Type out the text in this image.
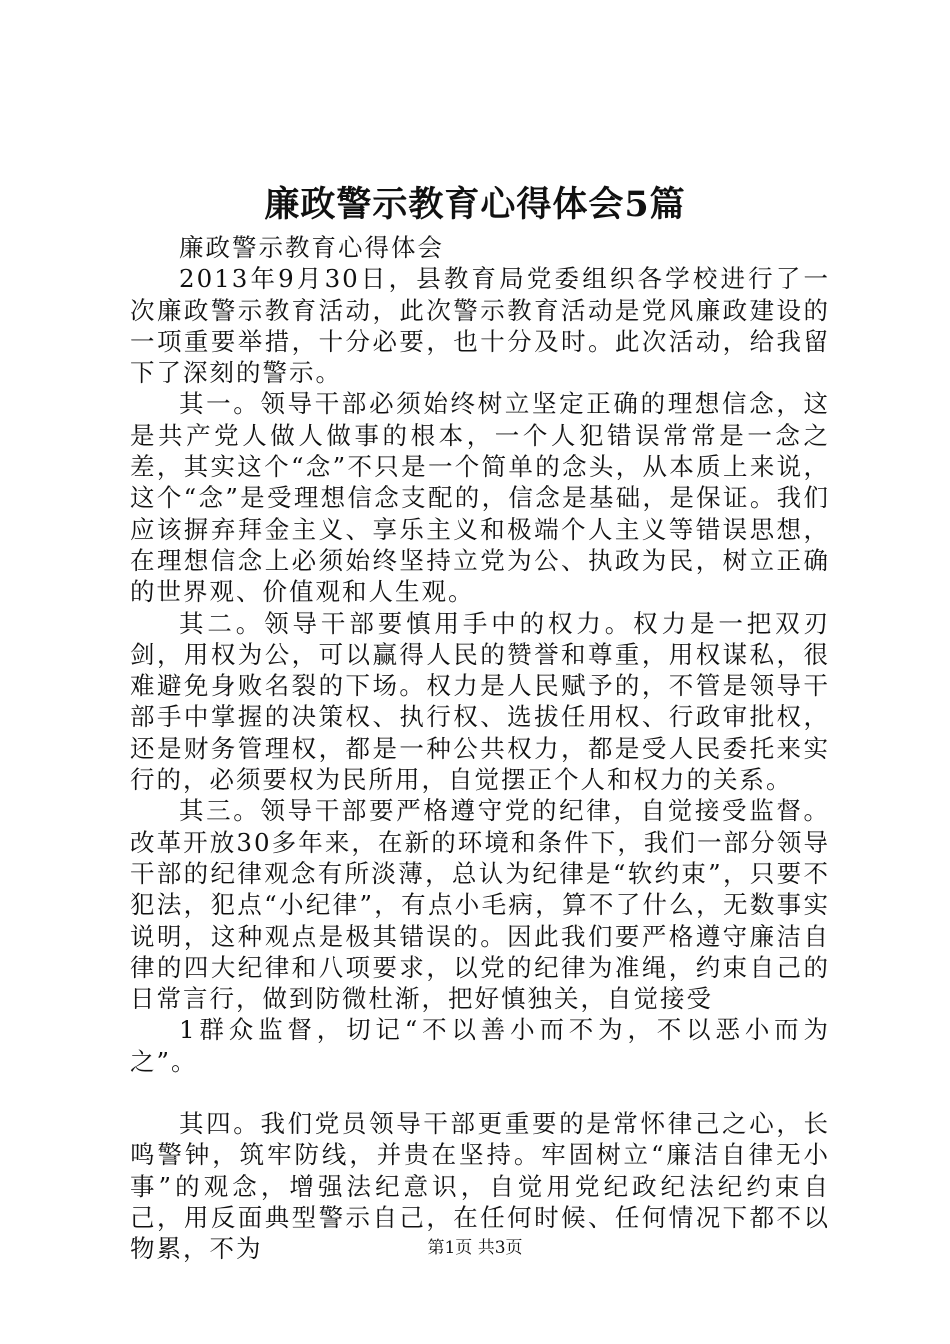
廉政警示教育心得体会5篇

廉政警示教育心得体会

2013年9月30日，县教育局党委组织各学校进行了一次廉政警示教育活动，此次警示教育活动是党风廉政建设的一项重要举措，十分必要，也十分及时。此次活动，给我留下了深刻的警示。

其一。领导干部必须始终树立坚定正确的理想信念，这是共产党人做人做事的根本，一个人犯错误常常是一念之差，其实这个“念”不只是一个简单的念头，从本质上来说，这个“念”是受理想信念支配的，信念是基础，是保证。我们应该摒弃拜金主义、享乐主义和极端个人主义等错误思想，在理想信念上必须始终坚持立党为公、执政为民，树立正确的世界观、价值观和人生观。

其二。领导干部要慎用手中的权力。权力是一把双刃剑，用权为公，可以赢得人民的赞誉和尊重，用权谋私，很难避免身败名裂的下场。权力是人民赋予的，不管是领导干部手中掌握的决策权、执行权、选拔任用权、行政审批权，还是财务管理权，都是一种公共权力，都是受人民委托来实行的，必须要权为民所用，自觉摆正个人和权力的关系。

其三。领导干部要严格遵守党的纪律，自觉接受监督。改革开放30多年来，在新的环境和条件下，我们一部分领导干部的纪律观念有所淡薄，总认为纪律是“软约束”，只要不犯法，犯点“小纪律”，有点小毛病，算不了什么，无数事实说明，这种观点是极其错误的。因此我们要严格遵守廉洁自律的四大纪律和八项要求，以党的纪律为准绳，约束自己的日常言行，做到防微杜渐，把好慎独关，自觉接受

1群众监督，切记“不以善小而不为，不以恶小而为之”。

其四。我们党员领导干部更重要的是常怀律己之心，长鸣警钟，筑牢防线，并贵在坚持。牢固树立“廉洁自律无小事”的观念，增强法纪意识，自觉用党纪政纪法纪约束自己，用反面典型警示自己，在任何时候、任何情况下都不以物累，不为	第1页 共3页
